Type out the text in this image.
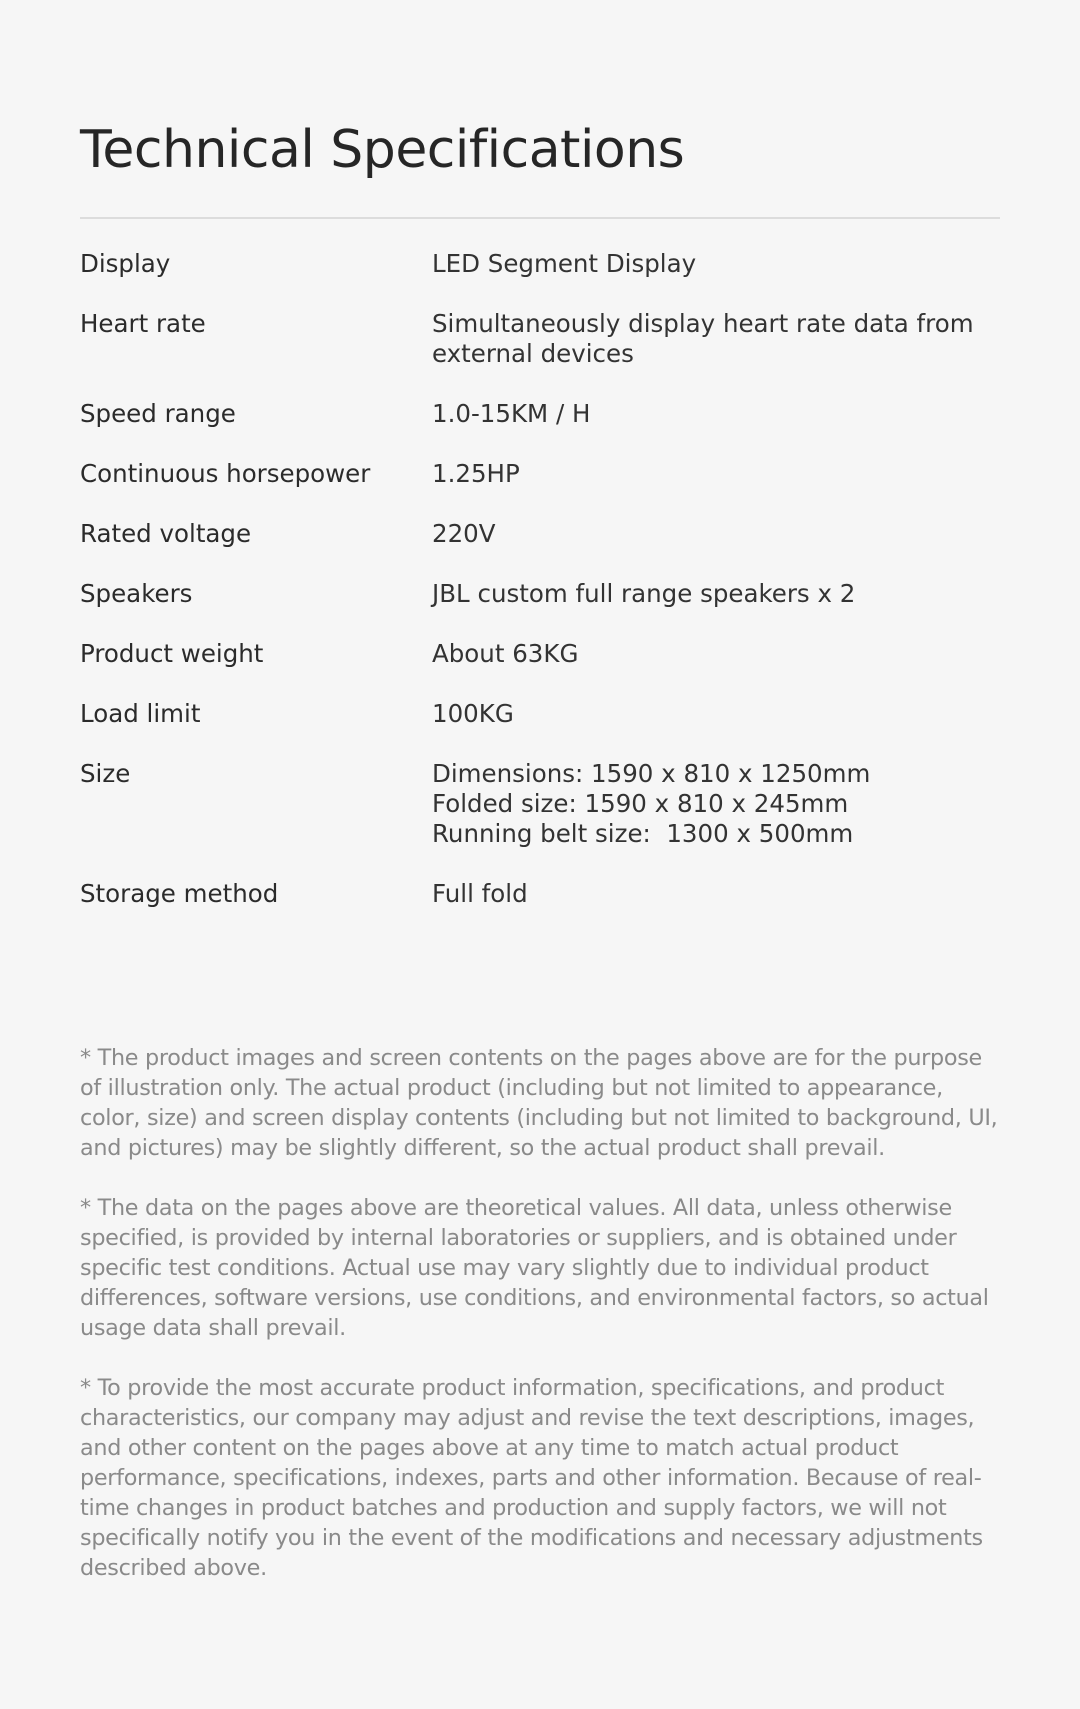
Technical Specifications
Display	LED Segment Display
Heart rate	Simultaneously display heart rate data from external devices
Speed range	1.0-15KM / H
Continuous horsepower	1.25HP
Rated voltage	220V
Speakers	JBL custom full range speakers x 2
Product weight	About 63KG
Load limit	100KG
Size	Dimensions: 1590 x 810 x 1250mm
Folded size: 1590 x 810 x 245mm
Running belt size:  1300 x 500mm
Storage method	Full fold

* The product images and screen contents on the pages above are for the purpose of illustration only. The actual product (including but not limited to appearance, color, size) and screen display contents (including but not limited to background, UI, and pictures) may be slightly different, so the actual product shall prevail.

* The data on the pages above are theoretical values. All data, unless otherwise specified, is provided by internal laboratories or suppliers, and is obtained under specific test conditions. Actual use may vary slightly due to individual product differences, software versions, use conditions, and environmental factors, so actual usage data shall prevail.

* To provide the most accurate product information, specifications, and product characteristics, our company may adjust and revise the text descriptions, images, and other content on the pages above at any time to match actual product performance, specifications, indexes, parts and other information. Because of real-time changes in product batches and production and supply factors, we will not specifically notify you in the event of the modifications and necessary adjustments described above.
